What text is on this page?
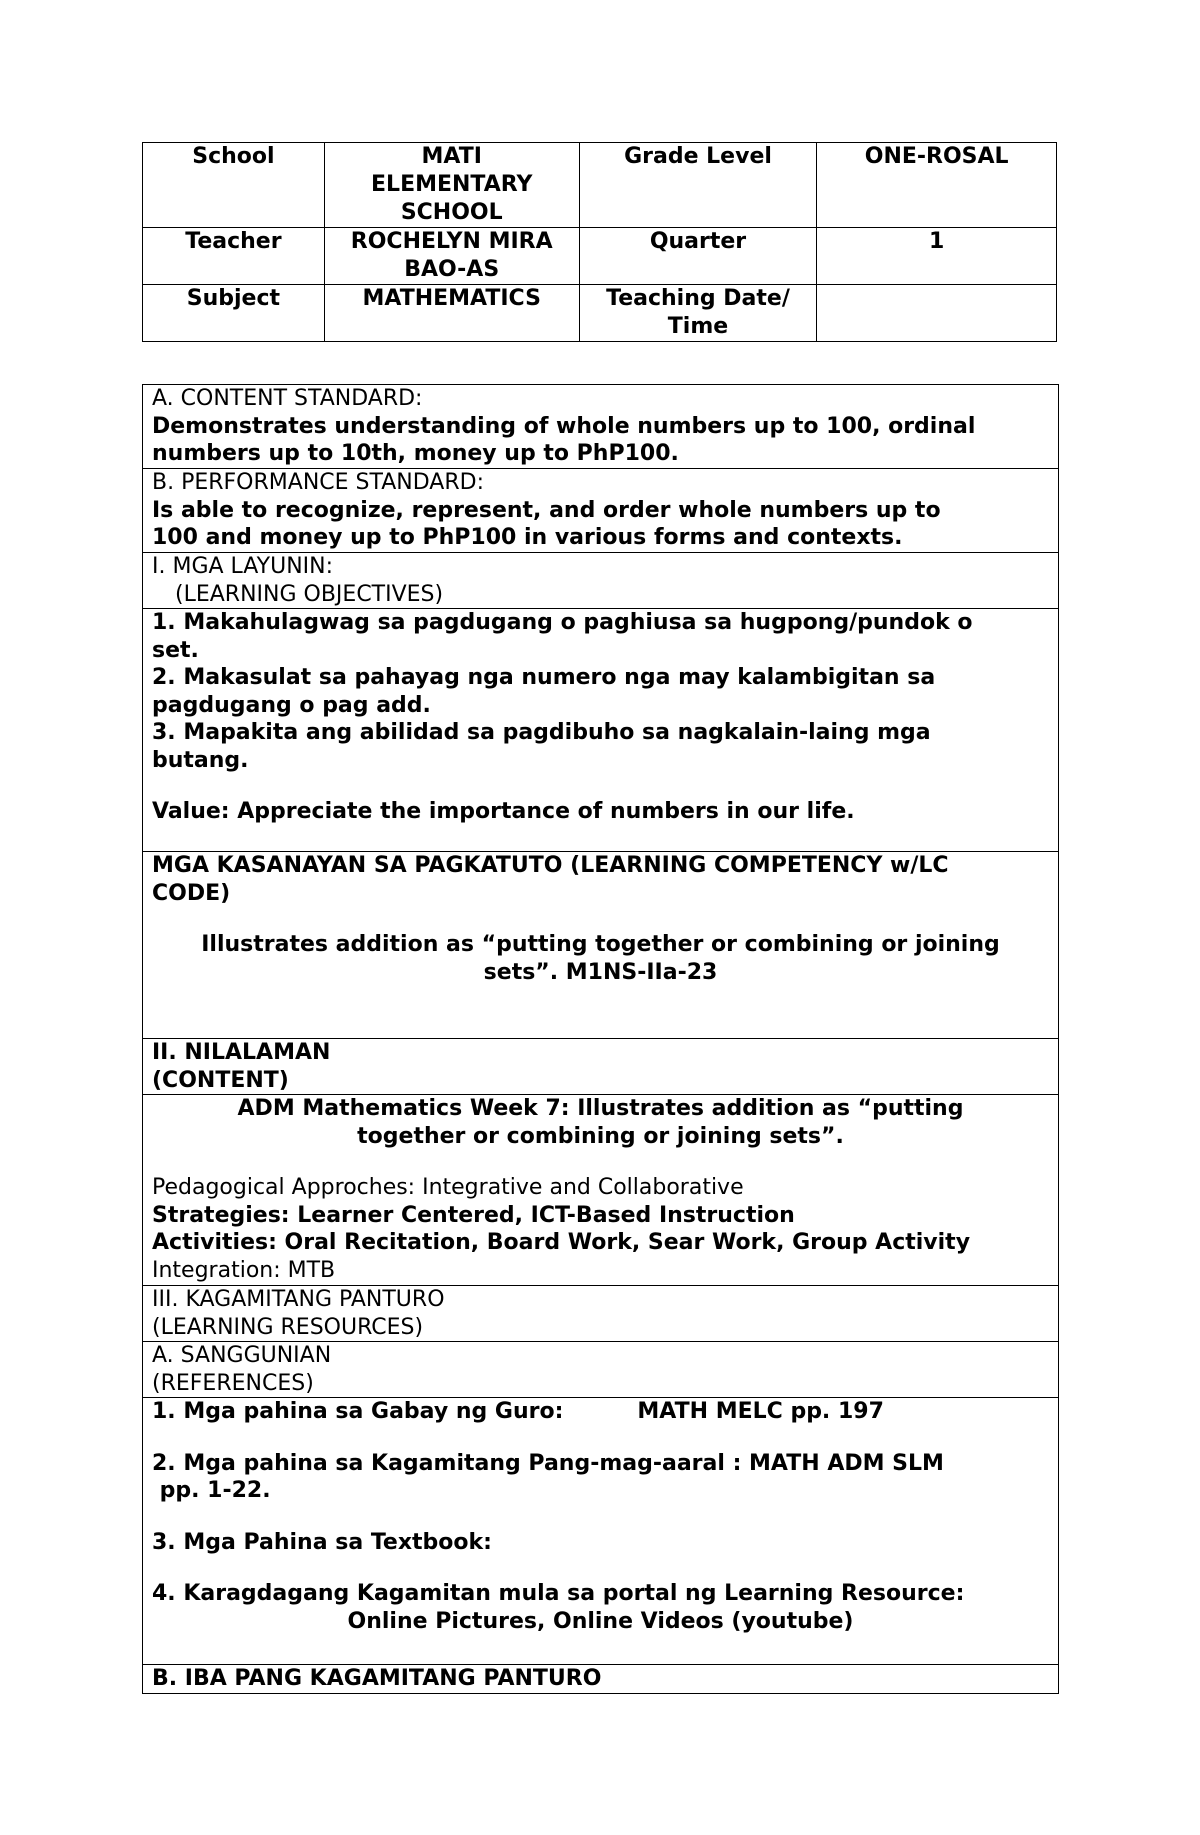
School	MATI
ELEMENTARY
SCHOOL	Grade Level	ONE-ROSAL
Teacher	ROCHELYN MIRA
BAO-AS	Quarter	1
Subject	MATHEMATICS	Teaching Date/
Time	

A. CONTENT STANDARD:
Demonstrates understanding of whole numbers up to 100, ordinal
numbers up to 10th, money up to PhP100.

B. PERFORMANCE STANDARD:
Is able to recognize, represent, and order whole numbers up to
100 and money up to PhP100 in various forms and contexts.

I. MGA LAYUNIN:
(LEARNING OBJECTIVES)

1. Makahulagwag sa pagdugang o paghiusa sa hugpong/pundok o
set.
2. Makasulat sa pahayag nga numero nga may kalambigitan sa
pagdugang o pag add.
3. Mapakita ang abilidad sa pagdibuho sa nagkalain-laing mga
butang.
Value: Appreciate the importance of numbers in our life.

MGA KASANAYAN SA PAGKATUTO (LEARNING COMPETENCY w/LC
CODE)
Illustrates addition as “putting together or combining or joining
sets”. M1NS-IIa-23

II. NILALAMAN
(CONTENT)

ADM Mathematics Week 7: Illustrates addition as “putting
together or combining or joining sets”.
Pedagogical Approches: Integrative and Collaborative
Strategies: Learner Centered, ICT-Based Instruction
Activities: Oral Recitation, Board Work, Sear Work, Group Activity
Integration: MTB

III. KAGAMITANG PANTURO
(LEARNING RESOURCES)

A. SANGGUNIAN
(REFERENCES)

1. Mga pahina sa Gabay ng Guro:	MATH MELC pp. 197
2. Mga pahina sa Kagamitang Pang-mag-aaral : MATH ADM SLM
pp. 1-22.
3. Mga Pahina sa Textbook:
4. Karagdagang Kagamitan mula sa portal ng Learning Resource:
Online Pictures, Online Videos (youtube)

B. IBA PANG KAGAMITANG PANTURO
